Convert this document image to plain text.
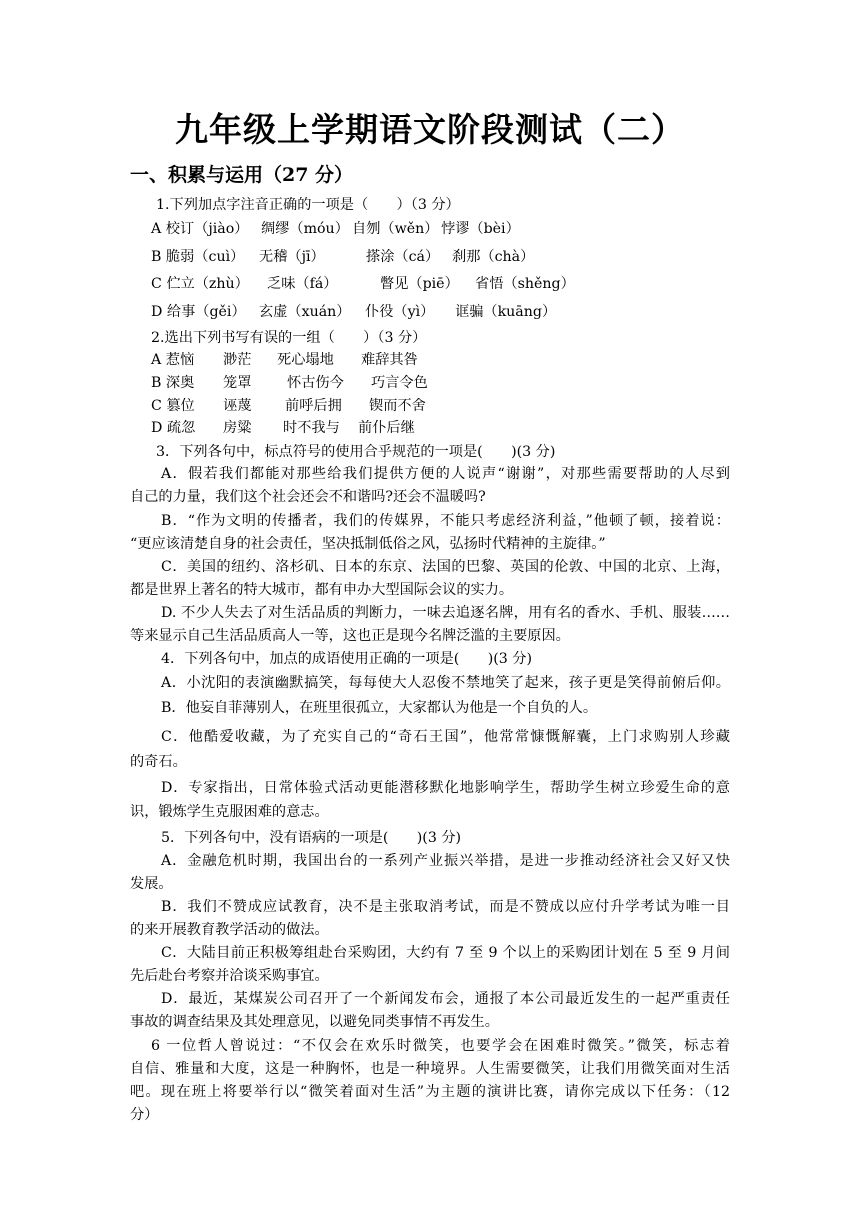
九年级上学期语文阶段测试（二）
一、积累与运用（27 分）
1.下列加点字注音正确的一项是（　　）（3 分）
A 校订（jiào） 绸缪（móu） 自刎（wěn） 悖谬（bèi）
B 脆弱（cuì） 无稽（jī）	搽涂（cá） 刹那（chà）
C 伫立（zhù） 乏味（fá）	瞥见（piē） 省悟（shěng）
D 给事（gěi） 玄虚（xuán） 仆役（yì） 诓骗（kuāng）
2.选出下列书写有误的一组（　　）（3 分）
A 惹恼 渺茫 死心塌地 难辞其咎
B 深奥 笼罩	怀古伤今 巧言令色
C 篡位 诬蔑 前呼后拥 锲而不舍
D 疏忽 房粱 时不我与 前仆后继
3．下列各句中，标点符号的使用合乎规范的一项是(　　)(3 分)
A．假若我们都能对那些给我们提供方便的人说声“谢谢”，对那些需要帮助的人尽到
自己的力量，我们这个社会还会不和谐吗?还会不温暖吗?
B．“作为文明的传播者，我们的传媒界，不能只考虑经济利益，”他顿了顿，接着说：
“更应该清楚自身的社会责任，坚决抵制低俗之风，弘扬时代精神的主旋律。”
C．美国的纽约、洛杉矶、日本的东京、法国的巴黎、英国的伦敦、中国的北京、上海，
都是世界上著名的特大城市，都有申办大型国际会议的实力。
D. 不少人失去了对生活品质的判断力，一味去追逐名牌，用有名的香水、手机、服装……
等来显示自己生活品质高人一等，这也正是现今名牌泛滥的主要原因。
4．下列各句中，加点的成语使用正确的一项是(　　)(3 分)
A．小沈阳的表演幽默搞笑，每每使大人忍俊不禁地笑了起来，孩子更是笑得前俯后仰。
B．他妄自菲薄别人，在班里很孤立，大家都认为他是一个自负的人。
C．他酷爱收藏，为了充实自己的“奇石王国”，他常常慷慨解囊，上门求购别人珍藏
的奇石。
D．专家指出，日常体验式活动更能潜移默化地影响学生，帮助学生树立珍爱生命的意
识，锻炼学生克服困难的意志。
5．下列各句中，没有语病的一项是(　　)(3 分)
A．金融危机时期，我国出台的一系列产业振兴举措，是进一步推动经济社会又好又快
发展。
B．我们不赞成应试教育，决不是主张取消考试，而是不赞成以应付升学考试为唯一目
的来开展教育教学活动的做法。
C．大陆目前正积极筹组赴台采购团，大约有 7 至 9 个以上的采购团计划在 5 至 9 月间
先后赴台考察并洽谈采购事宜。
D．最近，某煤炭公司召开了一个新闻发布会，通报了本公司最近发生的一起严重责任
事故的调查结果及其处理意见，以避免同类事情不再发生。
6 一位哲人曾说过：“不仅会在欢乐时微笑，也要学会在困难时微笑。”微笑，标志着
自信、雅量和大度，这是一种胸怀，也是一种境界。人生需要微笑，让我们用微笑面对生活
吧。现在班上将要举行以“微笑着面对生活”为主题的演讲比赛，请你完成以下任务：（12
分）
